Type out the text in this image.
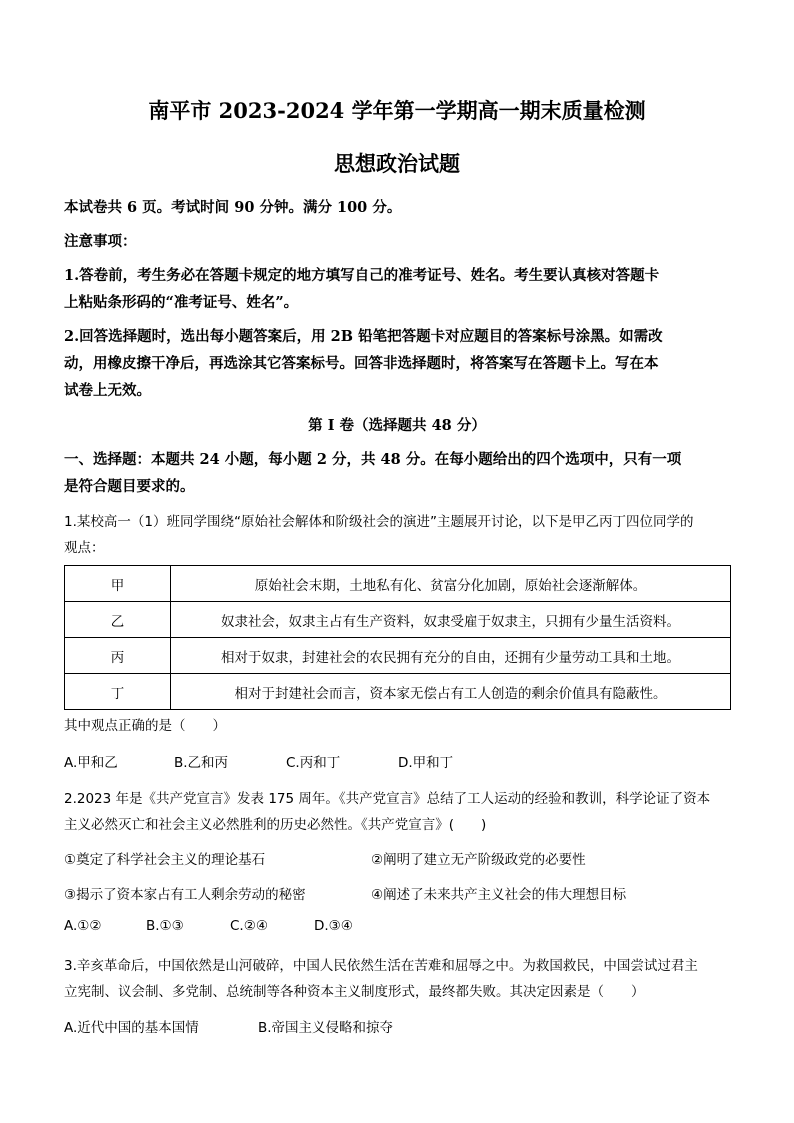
南平市 2023-2024 学年第一学期高一期末质量检测
思想政治试题
本试卷共 6 页。考试时间 90 分钟。满分 100 分。
注意事项：
1.答卷前，考生务必在答题卡规定的地方填写自己的准考证号、姓名。考生要认真核对答题卡
上粘贴条形码的“准考证号、姓名”。
2.回答选择题时，选出每小题答案后，用 2B 铅笔把答题卡对应题目的答案标号涂黑。如需改
动，用橡皮擦干净后，再选涂其它答案标号。回答非选择题时，将答案写在答题卡上。写在本
试卷上无效。
第 I 卷（选择题共 48 分）
一、选择题：本题共 24 小题，每小题 2 分，共 48 分。在每小题给出的四个选项中，只有一项
是符合题目要求的。
1.某校高一（1）班同学围绕“原始社会解体和阶级社会的演进”主题展开讨论，以下是甲乙丙丁四位同学的
观点：
甲	原始社会末期，土地私有化、贫富分化加剧，原始社会逐渐解体。
乙	奴隶社会，奴隶主占有生产资料，奴隶受雇于奴隶主，只拥有少量生活资料。
丙	相对于奴隶，封建社会的农民拥有充分的自由，还拥有少量劳动工具和土地。
丁	相对于封建社会而言，资本家无偿占有工人创造的剩余价值具有隐蔽性。
其中观点正确的是（　　）
A.甲和乙	B.乙和丙	C.丙和丁	D.甲和丁
2.2023 年是《共产党宣言》发表 175 周年。《共产党宣言》总结了工人运动的经验和教训，科学论证了资本
主义必然灭亡和社会主义必然胜利的历史必然性。《共产党宣言》(　　)
①奠定了科学社会主义的理论基石	②阐明了建立无产阶级政党的必要性
③揭示了资本家占有工人剩余劳动的秘密	④阐述了未来共产主义社会的伟大理想目标
A.①②	B.①③	C.②④	D.③④
3.辛亥革命后，中国依然是山河破碎，中国人民依然生活在苦难和屈辱之中。为救国救民，中国尝试过君主
立宪制、议会制、多党制、总统制等各种资本主义制度形式，最终都失败。其决定因素是（　　）
A.近代中国的基本国情	B.帝国主义侵略和掠夺
